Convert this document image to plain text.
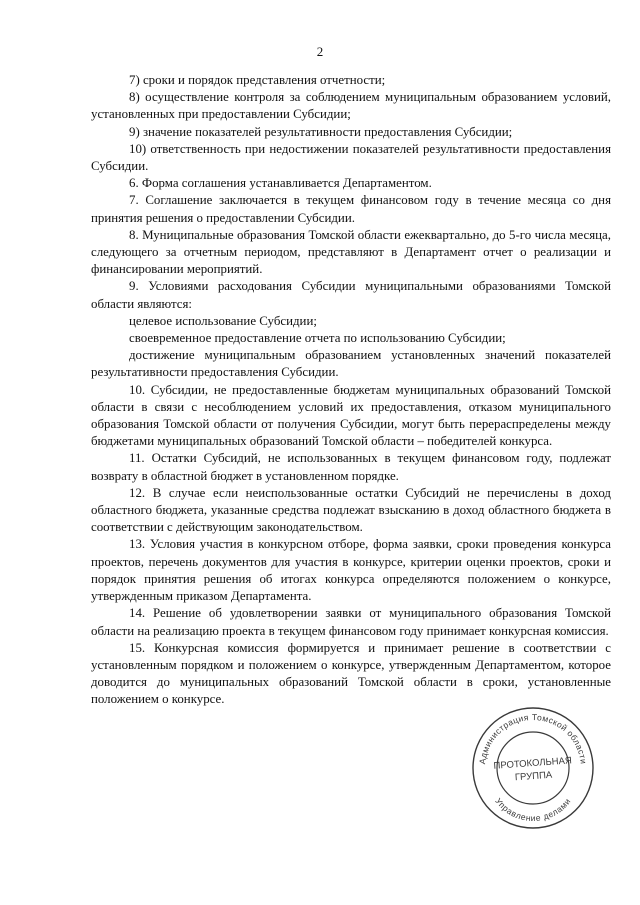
2

7) сроки и порядок представления отчетности;

8) осуществление контроля за соблюдением муниципальным образованием условий, установленных при предоставлении Субсидии;

9) значение показателей результативности предоставления Субсидии;

10) ответственность при недостижении показателей результативности предоставления Субсидии.

6. Форма соглашения устанавливается Департаментом.

7. Соглашение заключается в текущем финансовом году в течение месяца со дня принятия решения о предоставлении Субсидии.

8. Муниципальные образования Томской области ежеквартально, до 5-го числа месяца, следующего за отчетным периодом, представляют в Департамент отчет о реализации и финансировании мероприятий.

9. Условиями расходования Субсидии муниципальными образованиями Томской области являются:

целевое использование Субсидии;

своевременное предоставление отчета по использованию Субсидии;

достижение муниципальным образованием установленных значений показателей результативности предоставления Субсидии.

10. Субсидии, не предоставленные бюджетам муниципальных образований Томской области в связи с несоблюдением условий их предоставления, отказом муниципального образования Томской области от получения Субсидии, могут быть перераспределены между бюджетами муниципальных образований Томской области – победителей конкурса.

11. Остатки Субсидий, не использованных в текущем финансовом году, подлежат возврату в областной бюджет в установленном порядке.

12. В случае если неиспользованные остатки Субсидий не перечислены в доход областного бюджета, указанные средства подлежат взысканию в доход областного бюджета в соответствии с действующим законодательством.

13. Условия участия в конкурсном отборе, форма заявки, сроки проведения конкурса проектов, перечень документов для участия в конкурсе, критерии оценки проектов, сроки и порядок принятия решения об итогах конкурса определяются положением о конкурсе, утвержденным приказом Департамента.

14. Решение об удовлетворении заявки от муниципального образования Томской области на реализацию проекта в текущем финансовом году принимает конкурсная комиссия.

15. Конкурсная комиссия формируется и принимает решение в соответствии с установленным порядком и положением о конкурсе, утвержденным Департаментом, которое доводится до муниципальных образований Томской области в сроки, установленные положением о конкурсе.

Администрация Томской области
Управление делами
ПРОТОКОЛЬНАЯ
ГРУППА
